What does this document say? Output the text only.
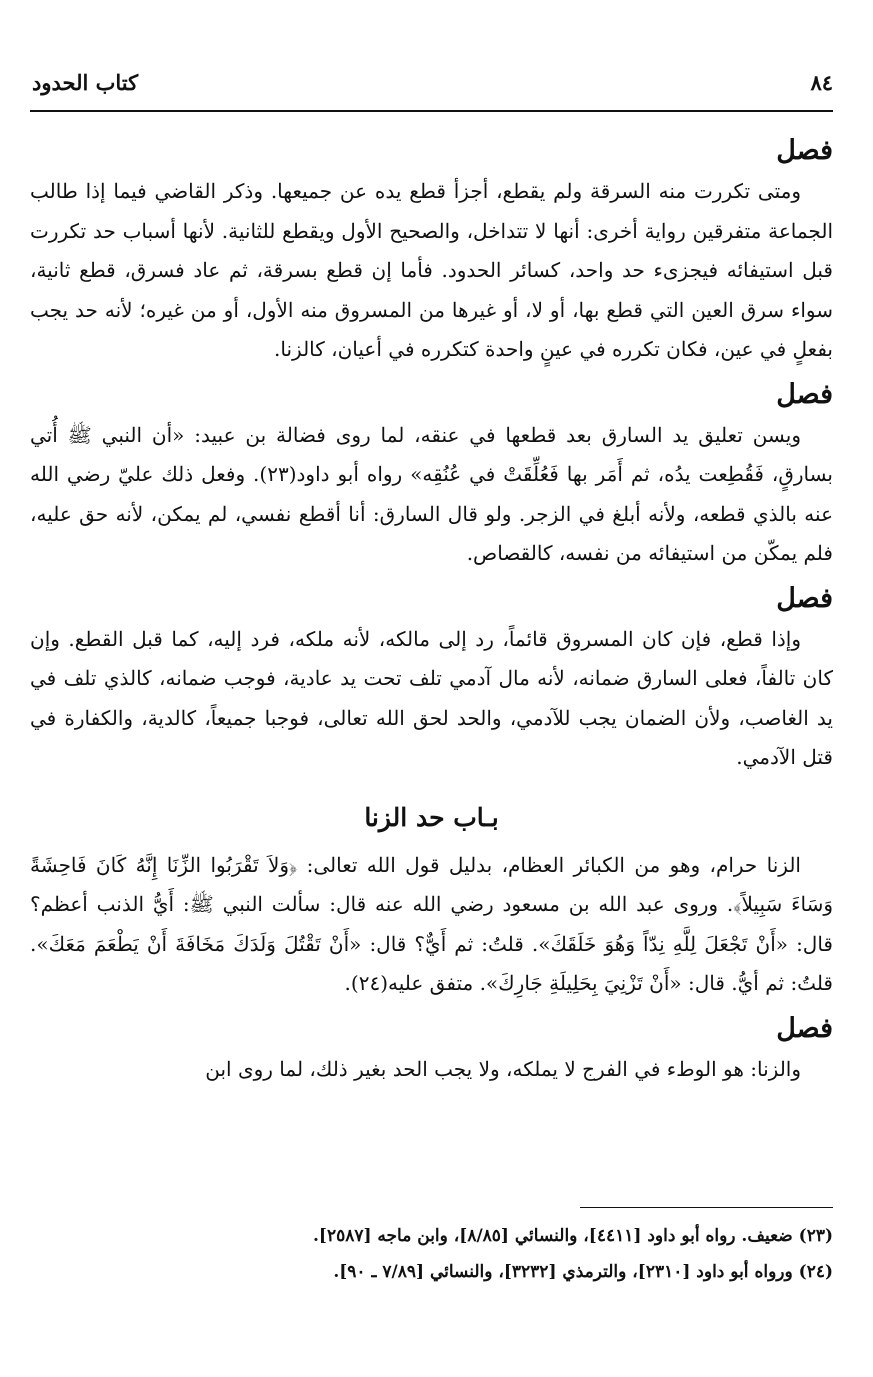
٨٤
كتاب الحدود
فصل

ومتى تكررت منه السرقة ولم يقطع، أجزأ قطع يده عن جميعها. وذكر القاضي فيما إذا طالب الجماعة متفرقين رواية أخرى: أنها لا تتداخل، والصحيح الأول ويقطع للثانية. لأنها أسباب حد تكررت قبل استيفائه فيجزىء حد واحد، كسائر الحدود. فأما إن قطع بسرقة، ثم عاد فسرق، قطع ثانية، سواء سرق العين التي قطع بها، أو لا، أو غيرها من المسروق منه الأول، أو من غيره؛ لأنه حد يجب بفعلٍ في عين، فكان تكرره في عينٍ واحدة كتكرره في أعيان، كالزنا.

فصل

ويسن تعليق يد السارق بعد قطعها في عنقه، لما روى فضالة بن عبيد: «أن النبي ﷺ أُتي بسارقٍ، فَقُطِعت يدُه، ثم أَمَر بها فَعُلِّقَتْ في عُنُقِه» رواه أبو داود(٢٣). وفعل ذلك عليّ رضي الله عنه بالذي قطعه، ولأنه أبلغ في الزجر. ولو قال السارق: أنا أقطع نفسي، لم يمكن، لأنه حق عليه، فلم يمكّن من استيفائه من نفسه، كالقصاص.

فصل

وإذا قطع، فإن كان المسروق قائماً، رد إلى مالكه، لأنه ملكه، فرد إليه، كما قبل القطع. وإن كان تالفاً، فعلى السارق ضمانه، لأنه مال آدمي تلف تحت يد عادية، فوجب ضمانه، كالذي تلف في يد الغاصب، ولأن الضمان يجب للآدمي، والحد لحق الله تعالى، فوجبا جميعاً، كالدية، والكفارة في قتل الآدمي.

بـاب حد الزنا

الزنا حرام، وهو من الكبائر العظام، بدليل قول الله تعالى: ﴿وَلاَ تَقْرَبُوا الزِّنَا إِنَّهُ كَانَ فَاحِشَةً وَسَاءَ سَبِيلاً﴾. وروى عبد الله بن مسعود رضي الله عنه قال: سألت النبي ﷺ: أَيُّ الذنب أعظم؟ قال: «أَنْ تَجْعَلَ لِلَّهِ نِدّاً وَهُوَ خَلَقَكَ». قلتُ: ثم أَيٌّ؟ قال: «أَنْ تَقْتُلَ وَلَدَكَ مَخَافَةَ أَنْ يَطْعَمَ مَعَكَ». قلتُ: ثم أيُّ. قال: «أَنْ تَزْنِيَ بِحَلِيلَةِ جَارِكَ». متفق عليه(٢٤).

فصل

والزنا: هو الوطء في الفرج لا يملكه، ولا يجب الحد بغير ذلك، لما روى ابن

(٢٣) ضعيف. رواه أبو داود [٤٤١١]، والنسائي [٨/٨٥]، وابن ماجه [٢٥٨٧].

(٢٤) ورواه أبو داود [٢٣١٠]، والترمذي [٣٢٣٢]، والنسائي [٧/٨٩ ـ ٩٠].
